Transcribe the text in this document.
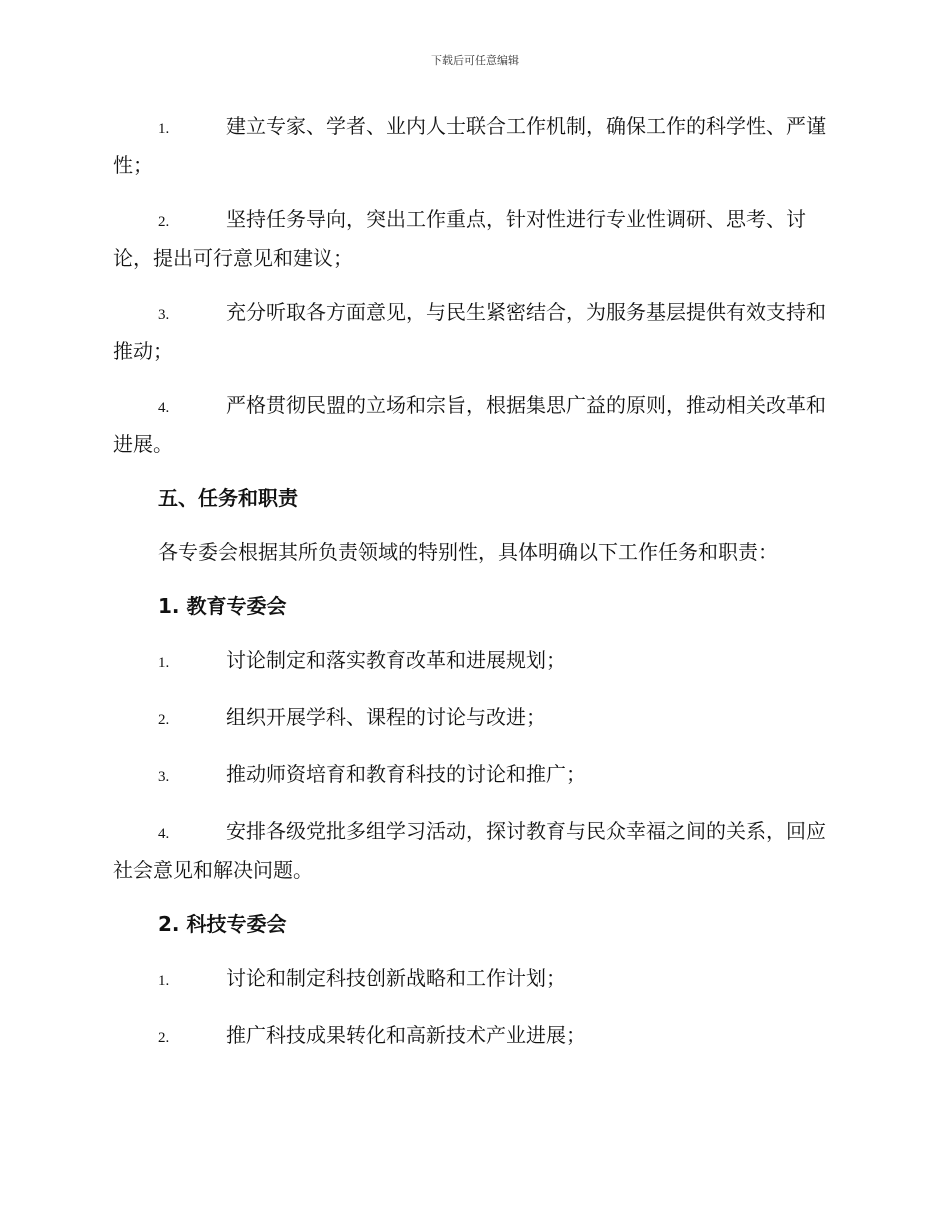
下载后可任意编辑

1.	建立专家、学者、业内人士联合工作机制，确保工作的科学性、严谨性；

2.	坚持任务导向，突出工作重点，针对性进行专业性调研、思考、讨论，提出可行意见和建议；

3.	充分听取各方面意见，与民生紧密结合，为服务基层提供有效支持和推动；

4.	严格贯彻民盟的立场和宗旨，根据集思广益的原则，推动相关改革和进展。

五、任务和职责

各专委会根据其所负责领域的特别性，具体明确以下工作任务和职责：

1. 教育专委会

1.	讨论制定和落实教育改革和进展规划；

2.	组织开展学科、课程的讨论与改进；

3.	推动师资培育和教育科技的讨论和推广；

4.	安排各级党批多组学习活动，探讨教育与民众幸福之间的关系，回应社会意见和解决问题。

2. 科技专委会

1.	讨论和制定科技创新战略和工作计划；

2.	推广科技成果转化和高新技术产业进展；
